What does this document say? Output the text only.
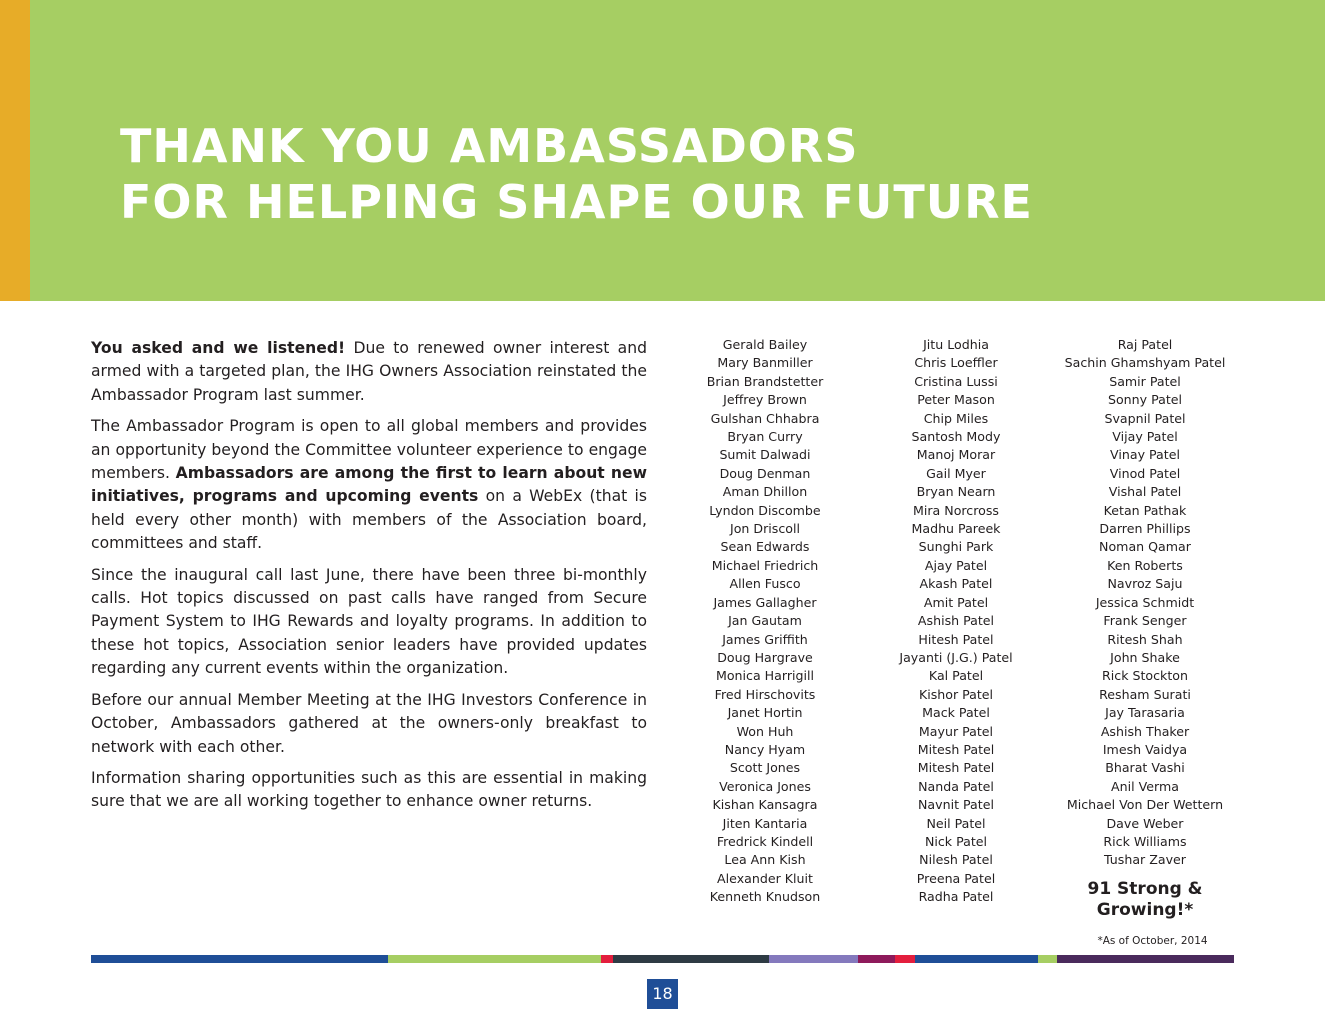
THANK YOU AMBASSADORS
FOR HELPING SHAPE OUR FUTURE

You asked and we listened! Due to renewed owner interest and armed with a targeted plan, the IHG Owners Association reinstated the Ambassador Program last summer.

The Ambassador Program is open to all global members and provides an opportunity beyond the Committee volunteer experience to engage members. Ambassadors are among the first to learn about new initiatives, programs and upcoming events on a WebEx (that is held every other month) with members of the Association board, committees and staff.

Since the inaugural call last June, there have been three bi-monthly calls. Hot topics discussed on past calls have ranged from Secure Payment System to IHG Rewards and loyalty programs. In addition to these hot topics, Association senior leaders have provided updates regarding any current events within the organization.

Before our annual Member Meeting at the IHG Investors Conference in October, Ambassadors gathered at the owners-only breakfast to network with each other.

Information sharing opportunities such as this are essential in making sure that we are all working together to enhance owner returns.

Gerald Bailey
Mary Banmiller
Brian Brandstetter
Jeffrey Brown
Gulshan Chhabra
Bryan Curry
Sumit Dalwadi
Doug Denman
Aman Dhillon
Lyndon Discombe
Jon Driscoll
Sean Edwards
Michael Friedrich
Allen Fusco
James Gallagher
Jan Gautam
James Griffith
Doug Hargrave
Monica Harrigill
Fred Hirschovits
Janet Hortin
Won Huh
Nancy Hyam
Scott Jones
Veronica Jones
Kishan Kansagra
Jiten Kantaria
Fredrick Kindell
Lea Ann Kish
Alexander Kluit
Kenneth Knudson
Jitu Lodhia
Chris Loeffler
Cristina Lussi
Peter Mason
Chip Miles
Santosh Mody
Manoj Morar
Gail Myer
Bryan Nearn
Mira Norcross
Madhu Pareek
Sunghi Park
Ajay Patel
Akash Patel
Amit Patel
Ashish Patel
Hitesh Patel
Jayanti (J.G.) Patel
Kal Patel
Kishor Patel
Mack Patel
Mayur Patel
Mitesh Patel
Mitesh Patel
Nanda Patel
Navnit Patel
Neil Patel
Nick Patel
Nilesh Patel
Preena Patel
Radha Patel
Raj Patel
Sachin Ghamshyam Patel
Samir Patel
Sonny Patel
Svapnil Patel
Vijay Patel
Vinay Patel
Vinod Patel
Vishal Patel
Ketan Pathak
Darren Phillips
Noman Qamar
Ken Roberts
Navroz Saju
Jessica Schmidt
Frank Senger
Ritesh Shah
John Shake
Rick Stockton
Resham Surati
Jay Tarasaria
Ashish Thaker
Imesh Vaidya
Bharat Vashi
Anil Verma
Michael Von Der Wettern
Dave Weber
Rick Williams
Tushar Zaver
91 Strong &
Growing!*
*As of October, 2014
18
